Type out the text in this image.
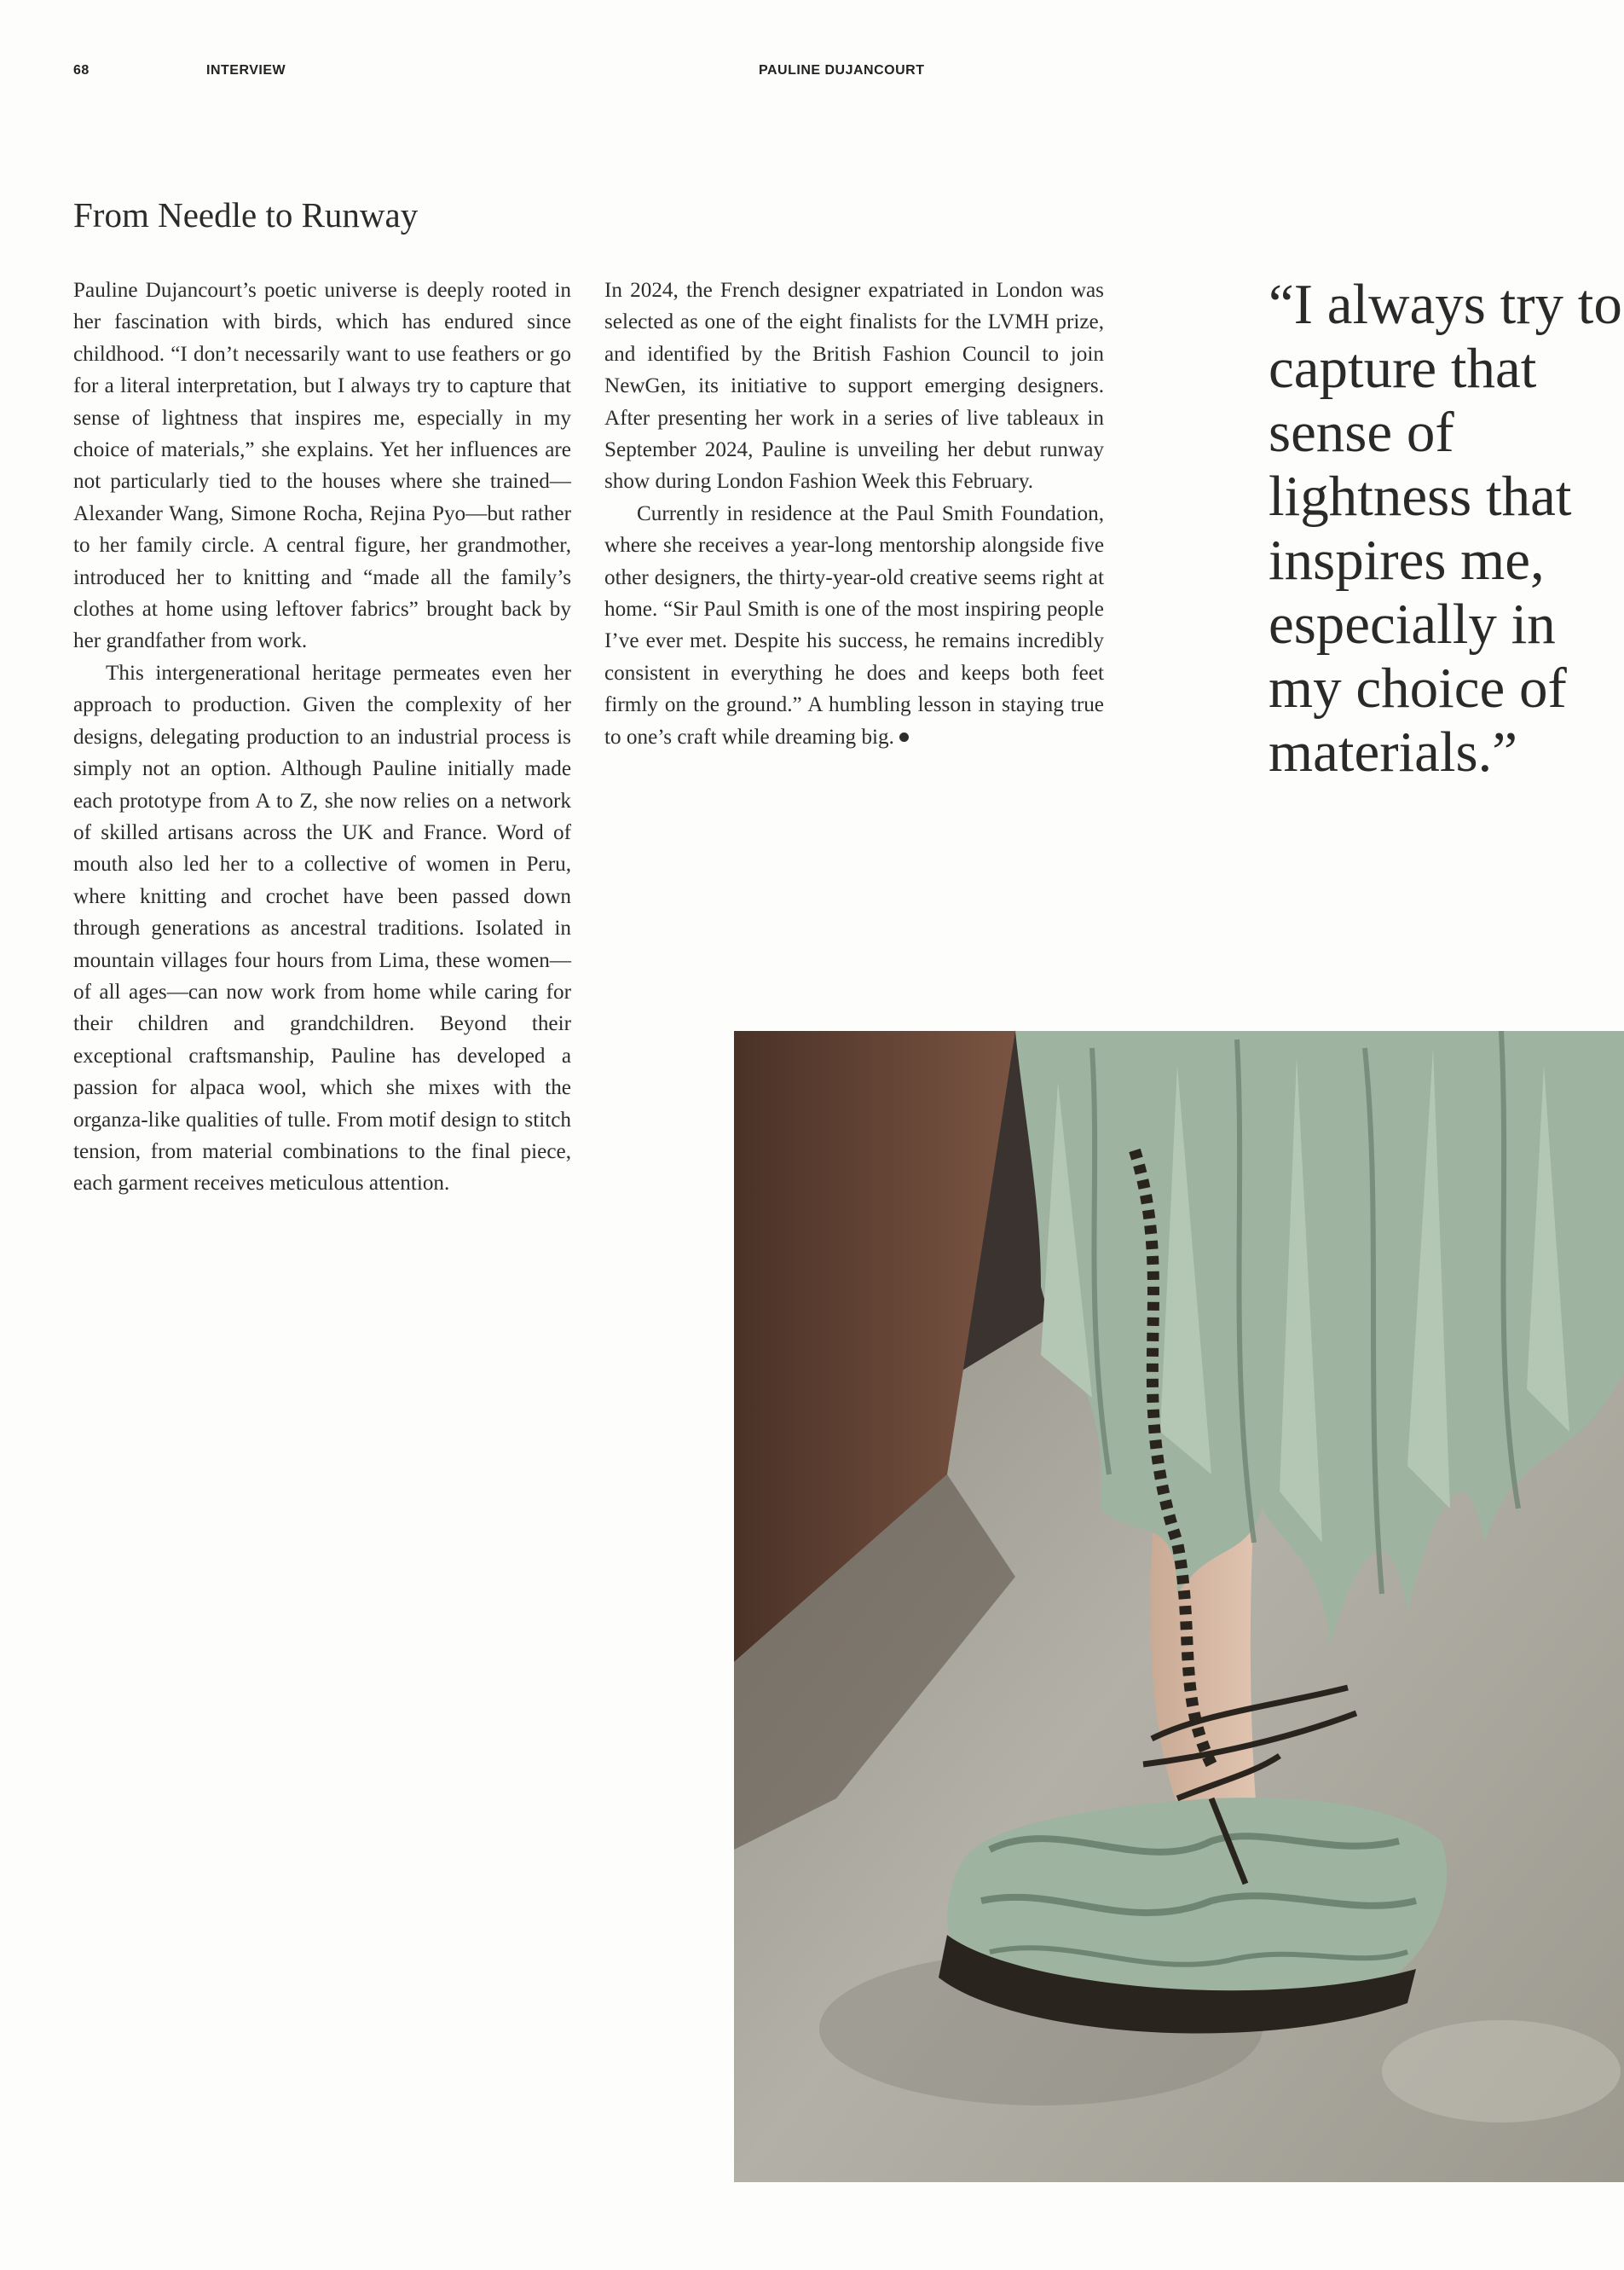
68	INTERVIEW	PAULINE DUJANCOURT
From Needle to Runway

Pauline Dujancourt’s poetic universe is deeply rooted in her fascination with birds, which has endured since childhood. “I don’t necessarily want to use feathers or go for a literal interpretation, but I always try to capture that sense of lightness that inspires me, especially in my choice of materials,” she explains. Yet her influences are not particularly tied to the houses where she trained—Alexander Wang, Simone Rocha, Rejina Pyo—but rather to her family circle. A central figure, her grandmother, introduced her to knitting and “made all the family’s clothes at home using leftover fabrics” brought back by her grandfather from work.

This intergenerational heritage permeates even her approach to production. Given the complexity of her designs, delegating production to an industrial process is simply not an option. Although Pauline initially made each prototype from A to Z, she now relies on a network of skilled artisans across the UK and France. Word of mouth also led her to a collective of women in Peru, where knitting and crochet have been passed down through generations as ancestral traditions. Isolated in mountain villages four hours from Lima, these women—of all ages—can now work from home while caring for their children and grandchildren. Beyond their exceptional craftsmanship, Pauline has developed a passion for alpaca wool, which she mixes with the organza-like qualities of tulle. From motif design to stitch tension, from material combinations to the final piece, each garment receives meticulous attention.

In 2024, the French designer expatriated in London was selected as one of the eight finalists for the LVMH prize, and identified by the British Fashion Council to join NewGen, its initiative to support emerging designers. After presenting her work in a series of live tableaux in September 2024, Pauline is unveiling her debut runway show during London Fashion Week this February.

Currently in residence at the Paul Smith Foundation, where she receives a year-long mentorship alongside five other designers, the thirty-year-old creative seems right at home. “Sir Paul Smith is one of the most inspiring people I’ve ever met. Despite his success, he remains incredibly consistent in everything he does and keeps both feet firmly on the ground.” A humbling lesson in staying true to one’s craft while dreaming big.

“I always try to capture that sense of lightness that inspires me, especially in my choice of materials.”
